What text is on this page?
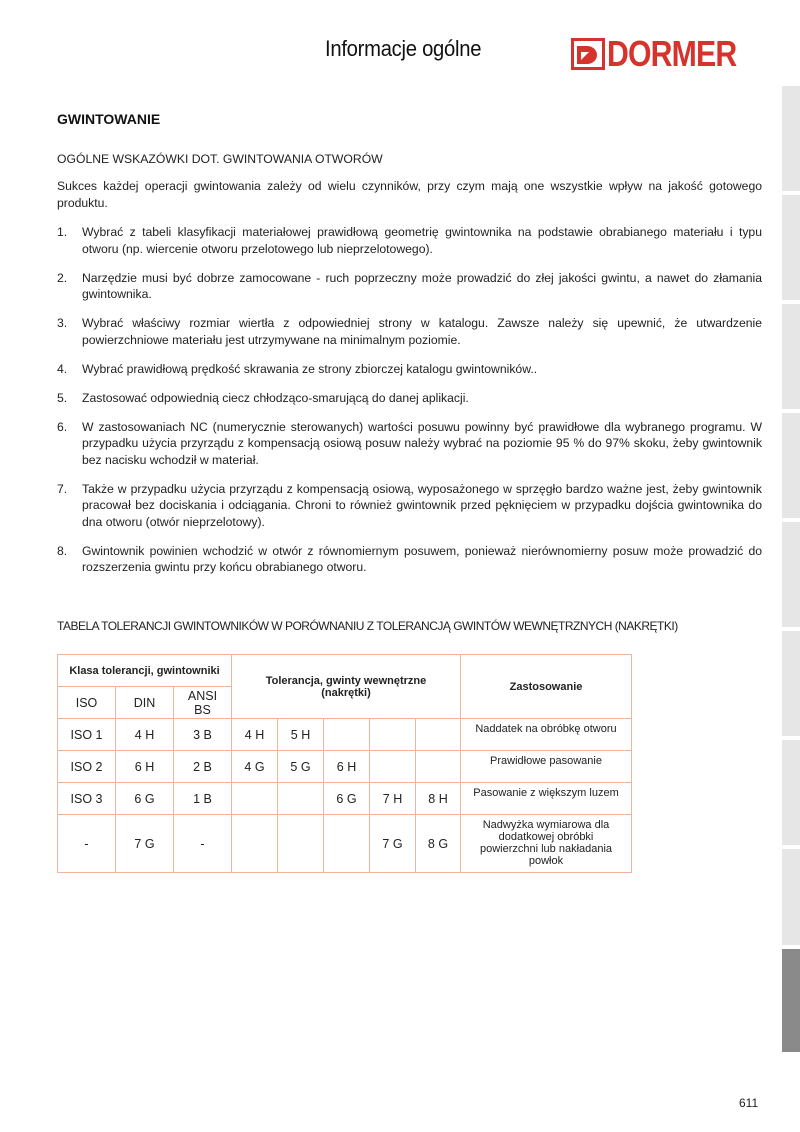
Informacje ogólne	DORMER
GWINTOWANIE
OGÓLNE WSKAZÓWKI DOT. GWINTOWANIA OTWORÓW
Sukces każdej operacji gwintowania zależy od wielu czynników, przy czym mają one wszystkie wpływ na jakość gotowego produktu.
1. Wybrać z tabeli klasyfikacji materiałowej prawidłową geometrię gwintownika na podstawie obrabianego materiału i typu otworu (np. wiercenie otworu przelotowego lub nieprzelotowego).
2. Narzędzie musi być dobrze zamocowane - ruch poprzeczny może prowadzić do złej jakości gwintu, a nawet do złamania gwintownika.
3. Wybrać właściwy rozmiar wiertła z odpowiedniej strony w katalogu. Zawsze należy się upewnić, że utwardzenie powierzchniowe materiału jest utrzymywane na minimalnym poziomie.
4. Wybrać prawidłową prędkość skrawania ze strony zbiorczej katalogu gwintowników..
5. Zastosować odpowiednią ciecz chłodząco-smarującą do danej aplikacji.
6. W zastosowaniach NC (numerycznie sterowanych) wartości posuwu powinny być prawidłowe dla wybranego programu. W przypadku użycia przyrządu z kompensacją osiową posuw należy wybrać na poziomie 95 % do 97% skoku, żeby gwintownik bez nacisku wchodził w materiał.
7. Także w przypadku użycia przyrządu z kompensacją osiową, wyposażonego w sprzęgło bardzo ważne jest, żeby gwintownik pracował bez dociskania i odciągania. Chroni to również gwintownik przed pęknięciem w przypadku dojścia gwintownika do dna otworu (otwór nieprzelotowy).
8. Gwintownik powinien wchodzić w otwór z równomiernym posuwem, ponieważ nierównomierny posuw może prowadzić do rozszerzenia gwintu przy końcu obrabianego otworu.
TABELA TOLERANCJI GWINTOWNIKÓW W PORÓWNANIU Z TOLERANCJĄ GWINTÓW WEWNĘTRZNYCH (NAKRĘTKI)
Klasa tolerancji, gwintowniki			Tolerancja, gwinty wewnętrzne (nakrętki)					Zastosowanie
ISO	DIN	ANSI BS						
ISO 1	4 H	3 B	4 H	5 H				Naddatek na obróbkę otworu
ISO 2	6 H	2 B	4 G	5 G	6 H			Prawidłowe pasowanie
ISO 3	6 G	1 B			6 G	7 H	8 H	Pasowanie z większym luzem
-	7 G	-				7 G	8 G	Nadwyżka wymiarowa dla dodatkowej obróbki powierzchni lub nakładania powłok
611
